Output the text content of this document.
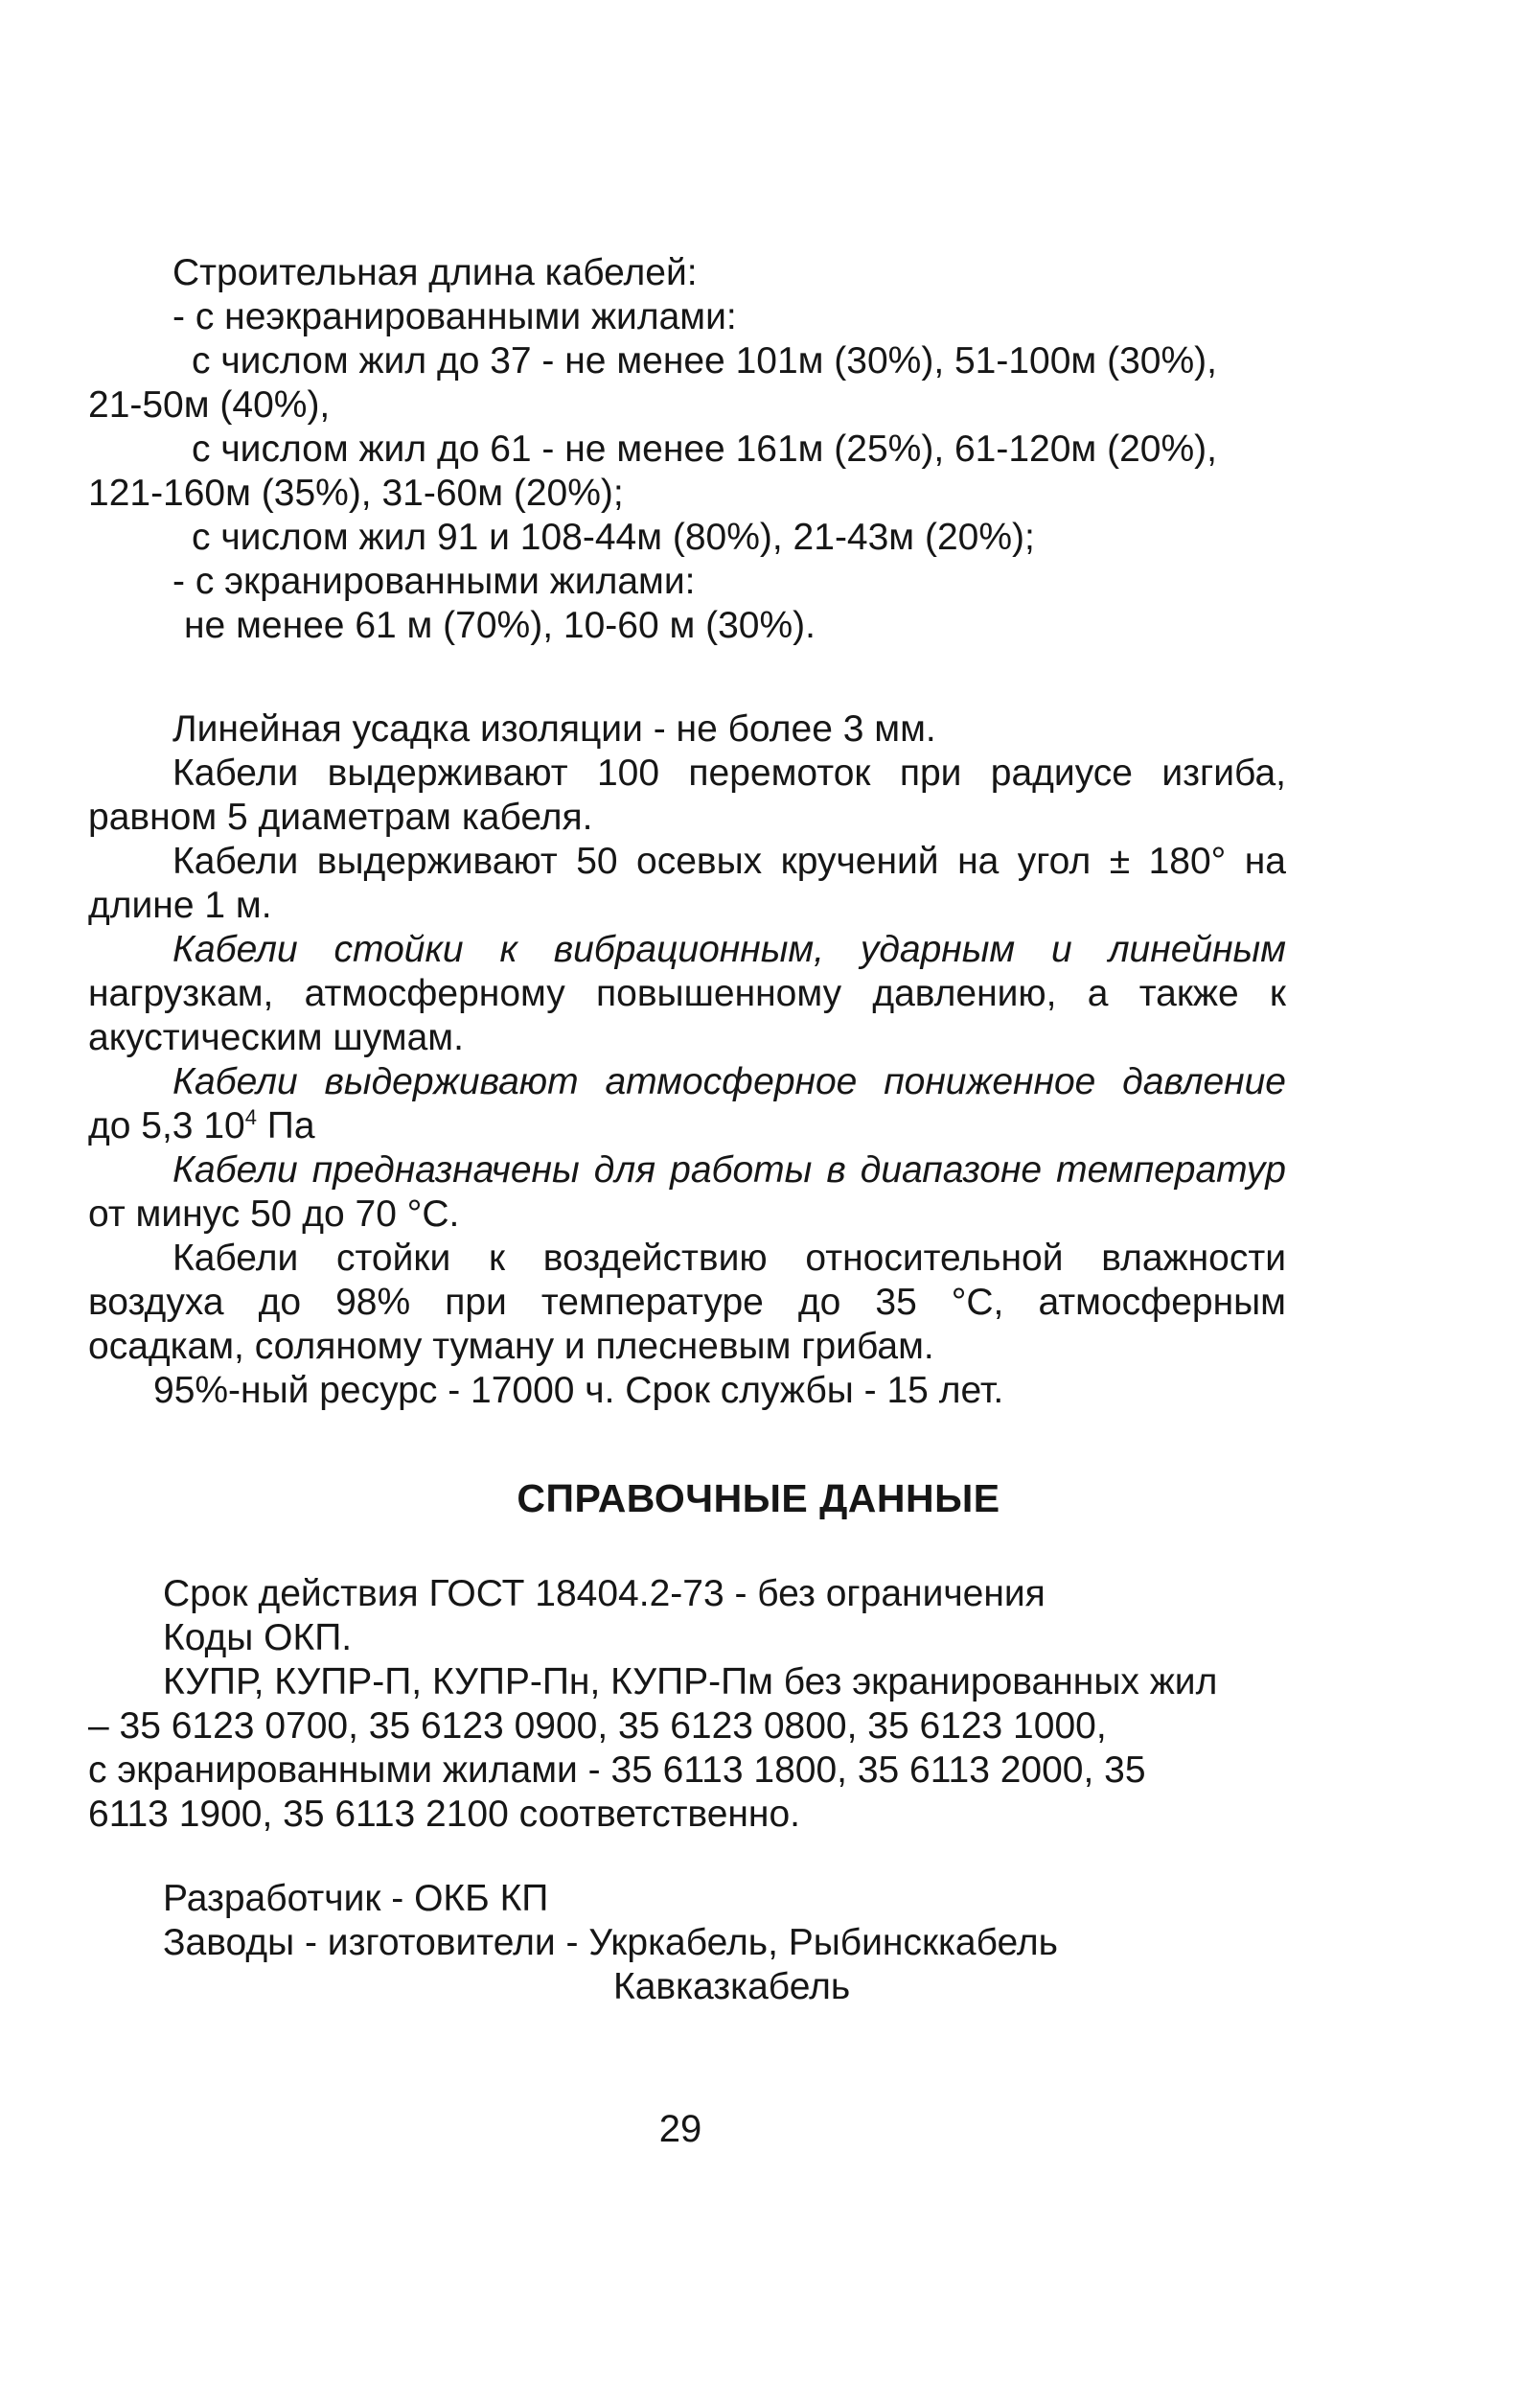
Строительная длина кабелей:
- с неэкранированными жилами:
с числом жил до 37 - не менее 101м (30%), 51-100м (30%),
21-50м (40%),
с числом жил до 61 - не менее 161м (25%), 61-120м (20%),
121-160м (35%), 31-60м (20%);
с числом жил 91 и 108-44м (80%), 21-43м (20%);
- с экранированными жилами:
не менее 61 м (70%), 10-60 м (30%).
Линейная усадка изоляции - не более 3 мм.
Кабели выдерживают 100 перемоток при радиусе изгиба,
равном 5 диаметрам кабеля.
Кабели выдерживают 50 осевых кручений на угол ± 180° на
длине 1 м.
Кабели стойки к вибрационным, ударным и линейным
нагрузкам, атмосферному повышенному давлению, а также к
акустическим шумам.
Кабели выдерживают атмосферное пониженное давление
до 5,3 $10^4$ Па
Кабели предназначены для работы в диапазоне температур
от минус 50 до 70 °С.
Кабели стойки к воздействию относительной влажности
воздуха до 98% при температуре до 35 °С, атмосферным
осадкам, соляному туману и плесневым грибам.
95%-ный ресурс - 17000 ч. Срок службы - 15 лет.
СПРАВОЧНЫЕ ДАННЫЕ
Срок действия ГОСТ 18404.2-73 - без ограничения
Коды ОКП.
КУПР, КУПР-П, КУПР-Пн, КУПР-Пм без экранированных жил
– 35 6123 0700, 35 6123 0900, 35 6123 0800, 35 6123 1000,
с экранированными жилами - 35 6113 1800, 35 6113 2000, 35
6113 1900, 35 6113 2100 соответственно.
Разработчик - ОКБ КП
Заводы - изготовители - Укркабель, Рыбинсккабель
Кавказкабель
29
